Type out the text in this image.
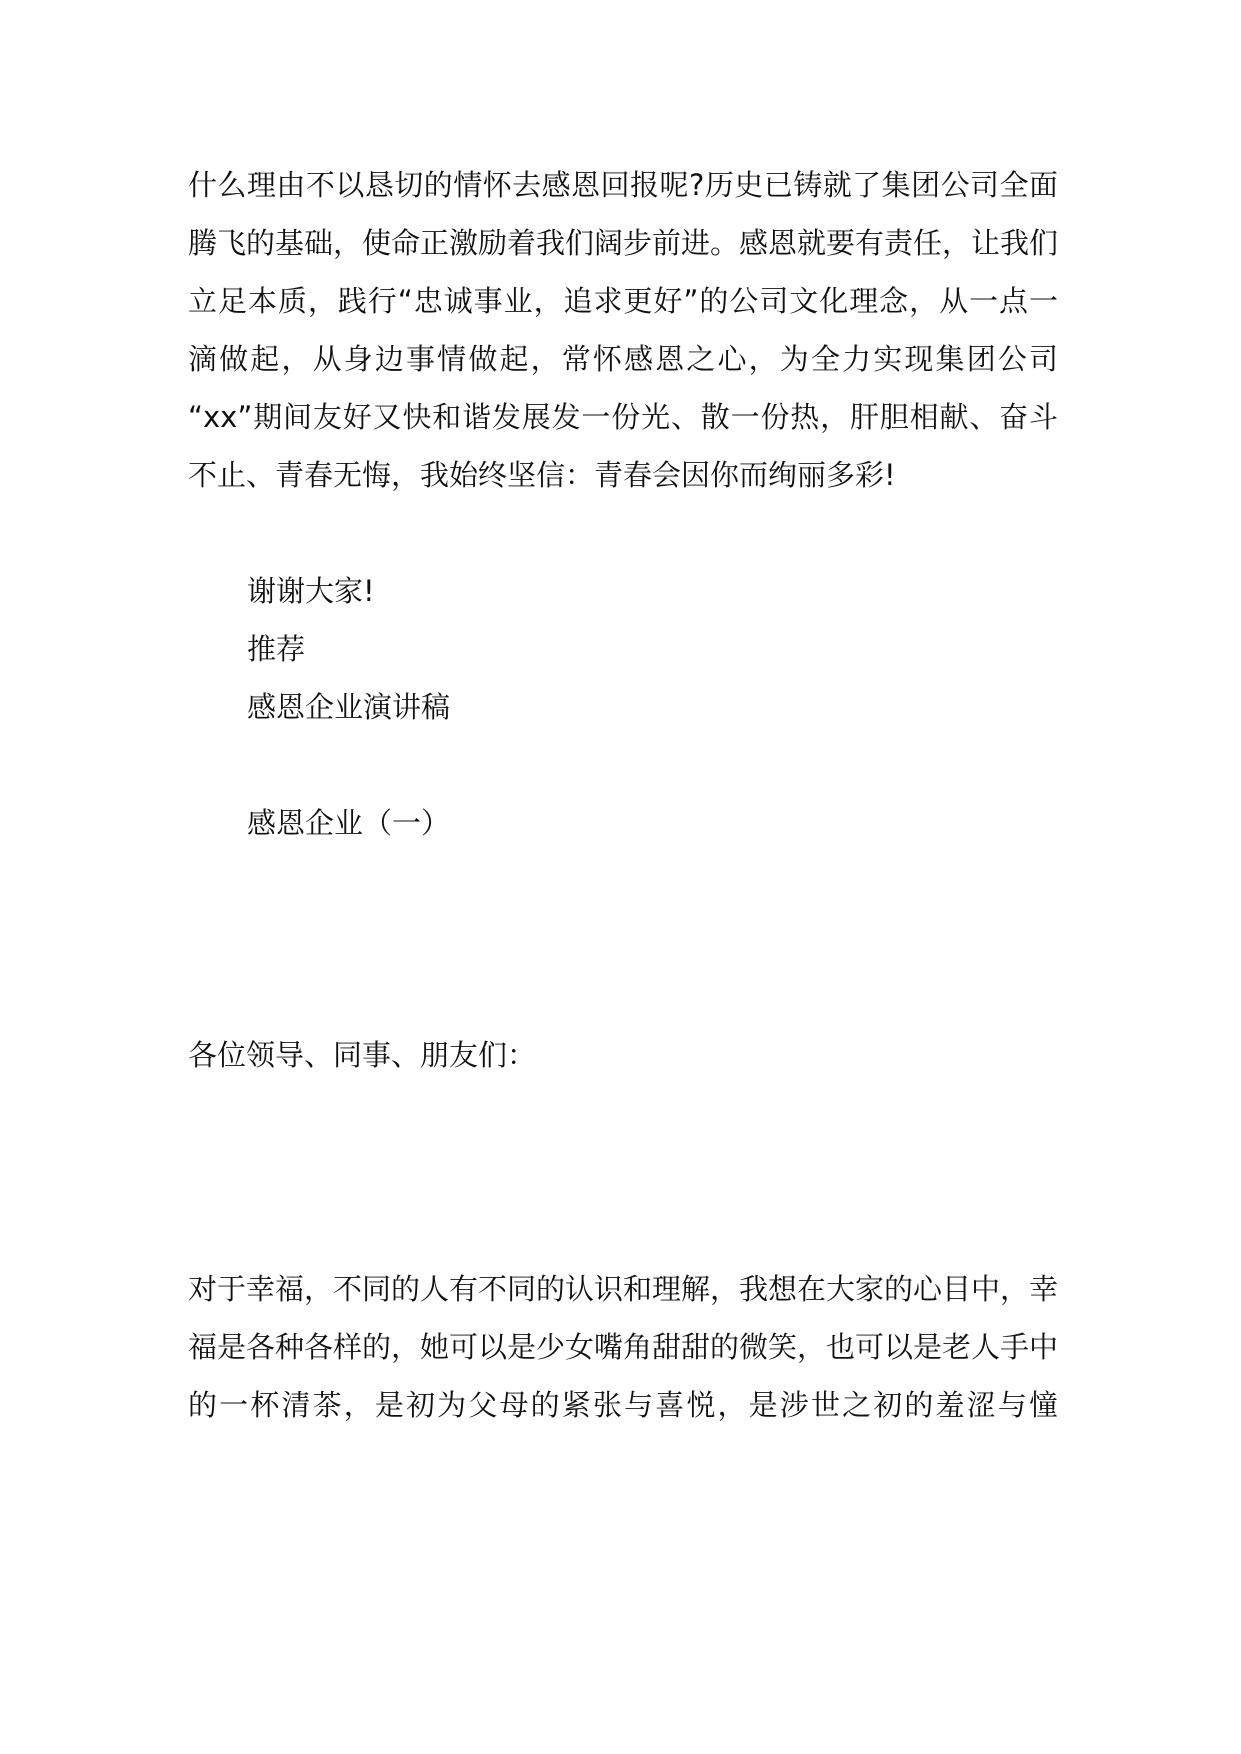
什么理由不以恳切的情怀去感恩回报呢?历史已铸就了集团公司全面
腾飞的基础，使命正激励着我们阔步前进。感恩就要有责任，让我们
立足本质，践行“忠诚事业，追求更好”的公司文化理念，从一点一
滴做起，从身边事情做起，常怀感恩之心，为全力实现集团公司
“xx”期间友好又快和谐发展发一份光、散一份热，肝胆相献、奋斗
不止、青春无悔，我始终坚信：青春会因你而绚丽多彩!
谢谢大家!
推荐
感恩企业演讲稿
感恩企业（一）
各位领导、同事、朋友们：
对于幸福，不同的人有不同的认识和理解，我想在大家的心目中，幸
福是各种各样的，她可以是少女嘴角甜甜的微笑，也可以是老人手中
的一杯清茶，是初为父母的紧张与喜悦，是涉世之初的羞涩与憧
